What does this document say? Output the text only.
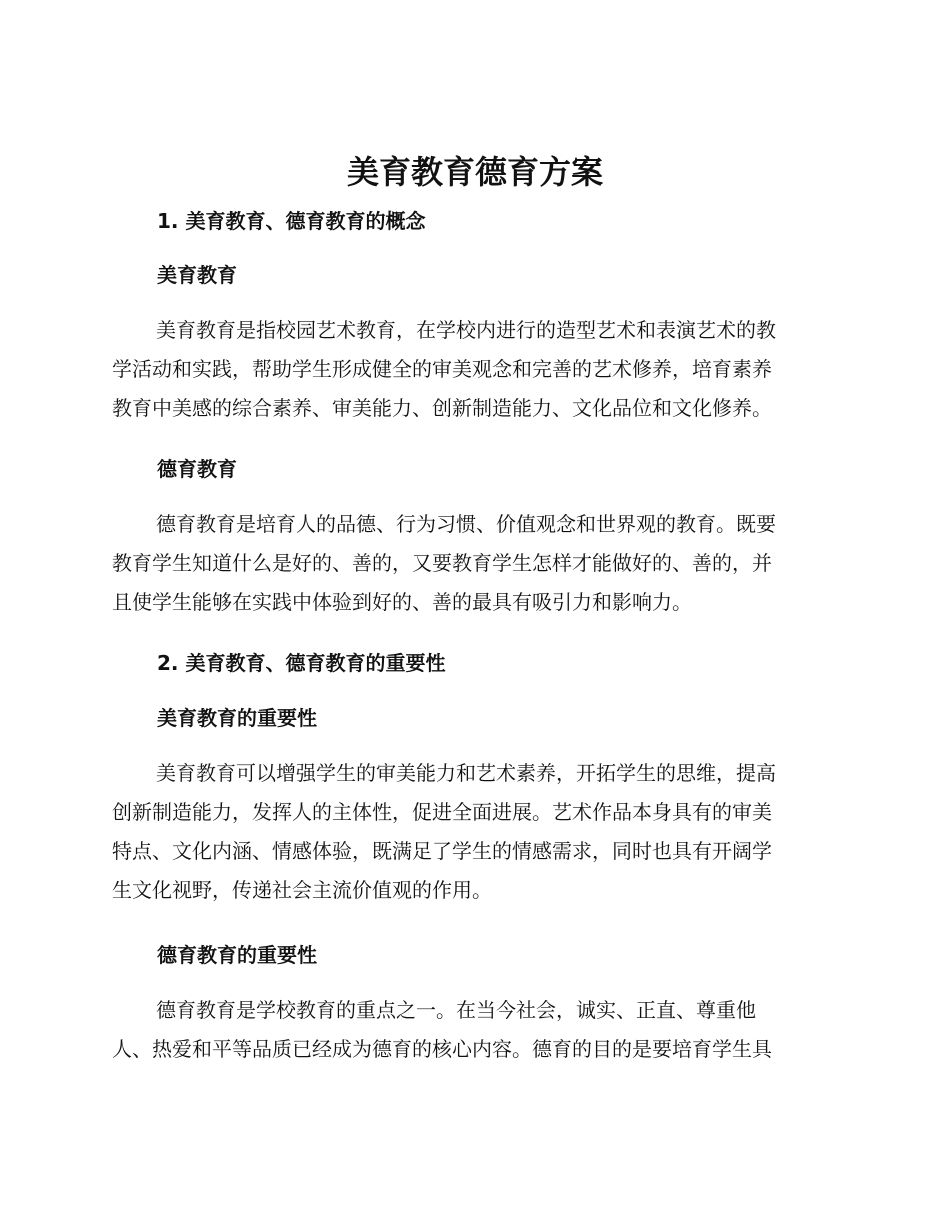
美育教育德育方案
1. 美育教育、德育教育的概念
美育教育
美育教育是指校园艺术教育，在学校内进行的造型艺术和表演艺术的教
学活动和实践，帮助学生形成健全的审美观念和完善的艺术修养，培育素养
教育中美感的综合素养、审美能力、创新制造能力、文化品位和文化修养。
德育教育
德育教育是培育人的品德、行为习惯、价值观念和世界观的教育。既要
教育学生知道什么是好的、善的，又要教育学生怎样才能做好的、善的，并
且使学生能够在实践中体验到好的、善的最具有吸引力和影响力。
2. 美育教育、德育教育的重要性
美育教育的重要性
美育教育可以增强学生的审美能力和艺术素养，开拓学生的思维，提高
创新制造能力，发挥人的主体性，促进全面进展。艺术作品本身具有的审美
特点、文化内涵、情感体验，既满足了学生的情感需求，同时也具有开阔学
生文化视野，传递社会主流价值观的作用。
德育教育的重要性
德育教育是学校教育的重点之一。在当今社会，诚实、正直、尊重他
人、热爱和平等品质已经成为德育的核心内容。德育的目的是要培育学生具
